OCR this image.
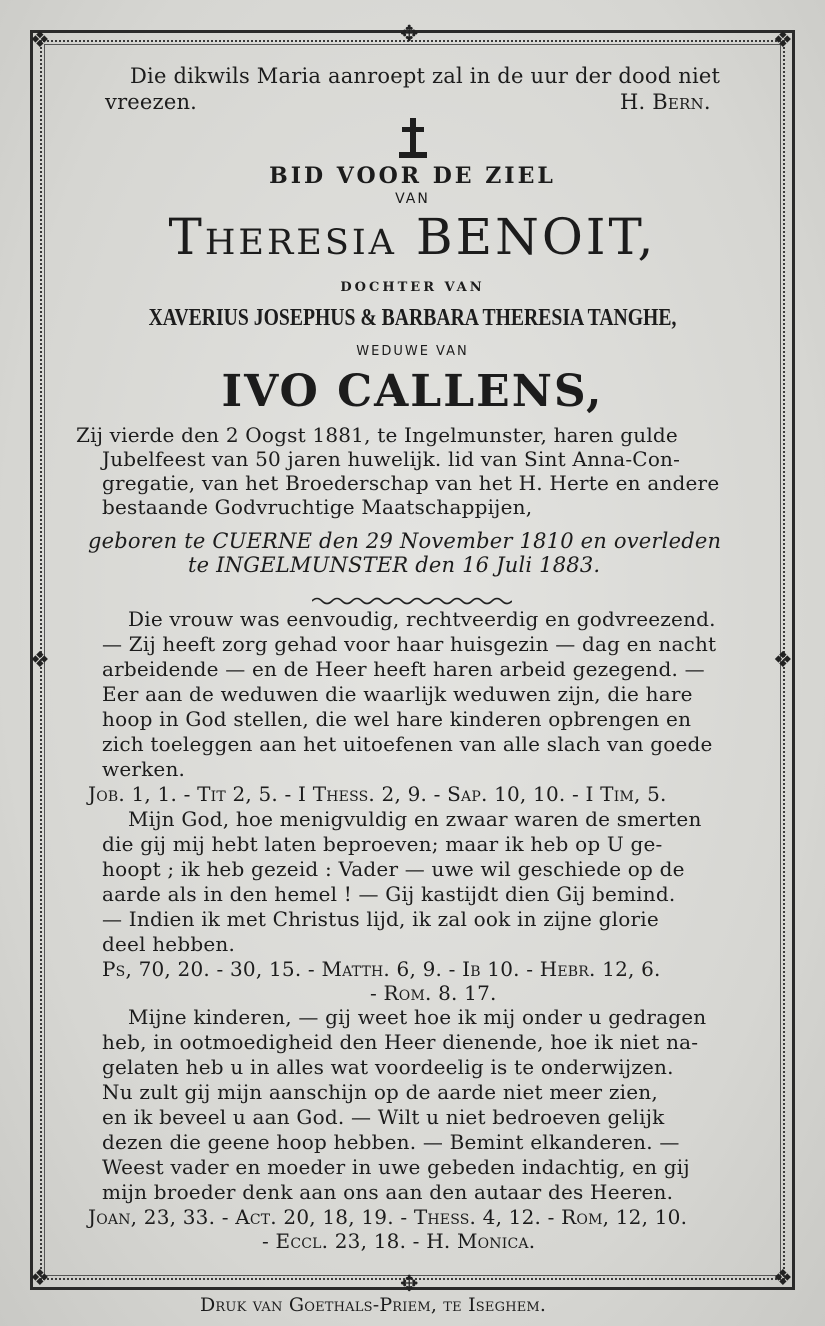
❖	❖
❖	❖
✥
✥
❖	❖
Die dikwils Maria aanroept zal in de uur der dood niet
vreezen.	H. Bern.
BID VOOR DE ZIEL
VAN
Theresia BENOIT,
DOCHTER VAN
XAVERIUS JOSEPHUS & BARBARA THERESIA TANGHE,
WEDUWE VAN
IVO CALLENS,
Zij vierde den 2 Oogst 1881, te Ingelmunster, haren gulde
Jubelfeest van 50 jaren huwelijk. lid van Sint Anna-Con-
gregatie, van het Broederschap van het H. Herte en andere
bestaande Godvruchtige Maatschappijen,
geboren te CUERNE den 29 November 1810 en overleden
te INGELMUNSTER den 16 Juli 1883.
Die vrouw was eenvoudig, rechtveerdig en godvreezend.
— Zij heeft zorg gehad voor haar huisgezin — dag en nacht
arbeidende — en de Heer heeft haren arbeid gezegend. —
Eer aan de weduwen die waarlijk weduwen zijn, die hare
hoop in God stellen, die wel hare kinderen opbrengen en
zich toeleggen aan het uitoefenen van alle slach van goede
werken.
Job. 1, 1. - Tit 2, 5. - I Thess. 2, 9. - Sap. 10, 10. - I Tim, 5.
Mijn God, hoe menigvuldig en zwaar waren de smerten
die gij mij hebt laten beproeven; maar ik heb op U ge-
hoopt ; ik heb gezeid : Vader — uwe wil geschiede op de
aarde als in den hemel ! — Gij kastijdt dien Gij bemind.
— Indien ik met Christus lijd, ik zal ook in zijne glorie
deel hebben.
Ps, 70, 20. - 30, 15. - Matth. 6, 9. - Ib 10. - Hebr. 12, 6.
- Rom. 8. 17.
Mijne kinderen, — gij weet hoe ik mij onder u gedragen
heb, in ootmoedigheid den Heer dienende, hoe ik niet na-
gelaten heb u in alles wat voordeelig is te onderwijzen.
Nu zult gij mijn aanschijn op de aarde niet meer zien,
en ik beveel u aan God. — Wilt u niet bedroeven gelijk
dezen die geene hoop hebben. — Bemint elkanderen. —
Weest vader en moeder in uwe gebeden indachtig, en gij
mijn broeder denk aan ons aan den autaar des Heeren.
Joan, 23, 33. - Act. 20, 18, 19. - Thess. 4, 12. - Rom, 12, 10.
- Eccl. 23, 18. - H. Monica.
Druk van Goethals-Priem, te Iseghem.
